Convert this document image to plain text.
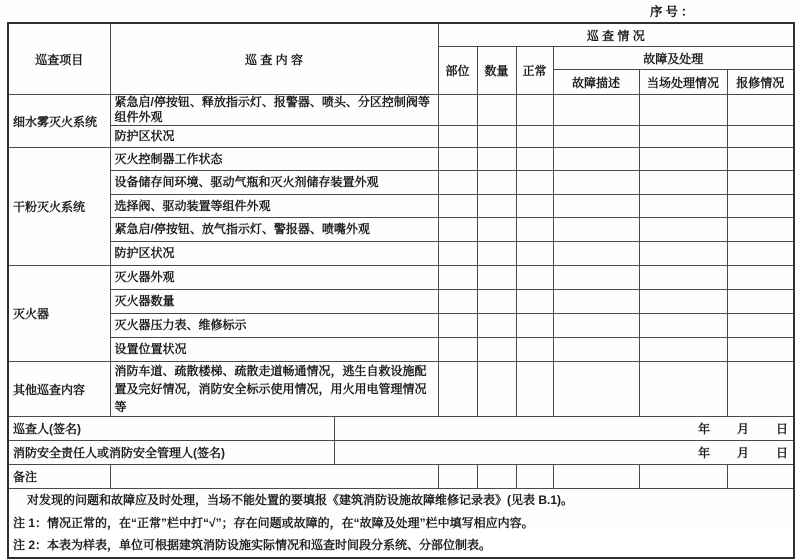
序号：
巡查项目	巡 查 内 容		巡 查 情 况					
			部位	数量	正常	故障及处理		
						故障描述	当场处理情况	报修情况
细水雾灭火系统	紧急启/停按钮、释放指示灯、报警器、喷头、分区控制阀等组件外观							
	防护区状况							
干粉灭火系统	灭火控制器工作状态							
	设备储存间环境、驱动气瓶和灭火剂储存装置外观							
	选择阀、驱动装置等组件外观							
	紧急启/停按钮、放气指示灯、警报器、喷嘴外观							
	防护区状况							
灭火器	灭火器外观							
	灭火器数量							
	灭火器压力表、维修标示							
	设置位置状况							
其他巡查内容	消防车道、疏散楼梯、疏散走道畅通情况，逃生自救设施配置及完好情况，消防安全标示使用情况，用火用电管理情况等							
巡查人(签名)		年　　月　　日						
消防安全责任人或消防安全管理人(签名)		年　　月　　日						
备注								

对发现的问题和故障应及时处理，当场不能处置的要填报《建筑消防设施故障维修记录表》(见表 B.1)。
注 1：情况正常的，在“正常”栏中打“√”；存在问题或故障的，在“故障及处理”栏中填写相应内容。
注 2：本表为样表，单位可根据建筑消防设施实际情况和巡查时间段分系统、分部位制表。								
